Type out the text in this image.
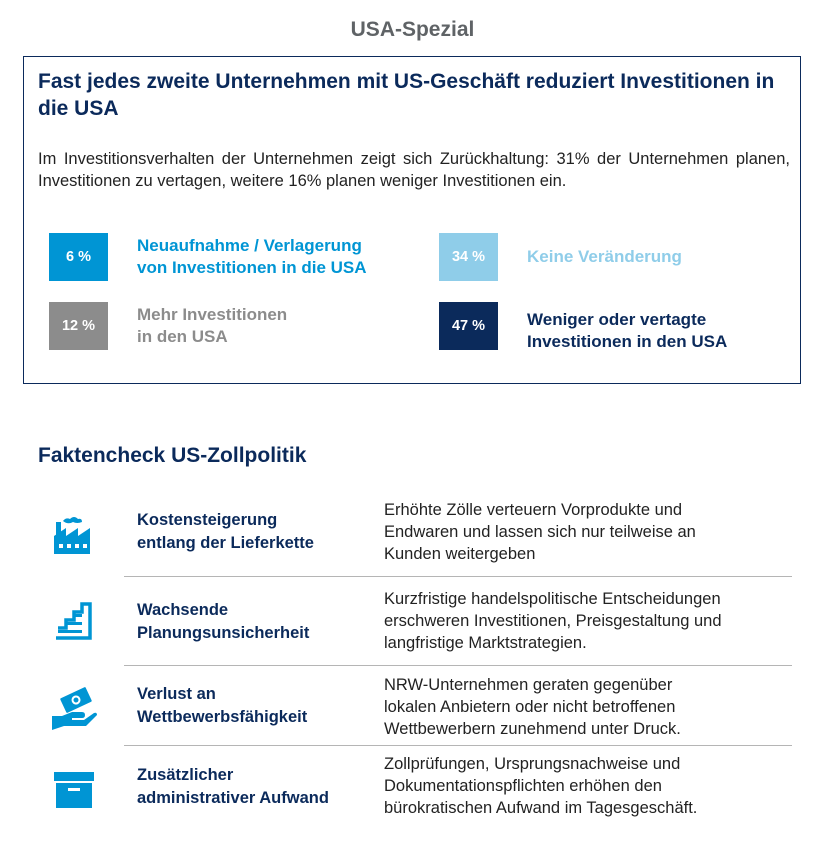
USA-Spezial
Fast jedes zweite Unternehmen mit US-Geschäft reduziert Investitionen in die USA
Im Investitionsverhalten der Unternehmen zeigt sich Zurückhaltung: 31% der Unternehmen planen, Investitionen zu vertagen, weitere 16% planen weniger Investitionen ein.
6 %
Neuaufnahme / Verlagerung
von Investitionen in die USA
34 %	Keine Veränderung
12 %
Mehr Investitionen
in den USA
47 %	Weniger oder vertagte
Investitionen in den USA
Faktencheck US-Zollpolitik
Kostensteigerung
entlang der Lieferkette
Erhöhte Zölle verteuern Vorprodukte und
Endwaren und lassen sich nur teilweise an
Kunden weitergeben
Wachsende
Planungsunsicherheit
Kurzfristige handelspolitische Entscheidungen
erschweren Investitionen, Preisgestaltung und
langfristige Marktstrategien.
Verlust an
Wettbewerbsfähigkeit
NRW-Unternehmen geraten gegenüber
lokalen Anbietern oder nicht betroffenen
Wettbewerbern zunehmend unter Druck.
Zusätzlicher
administrativer Aufwand
Zollprüfungen, Ursprungsnachweise und
Dokumentationspflichten erhöhen den
bürokratischen Aufwand im Tagesgeschäft.
